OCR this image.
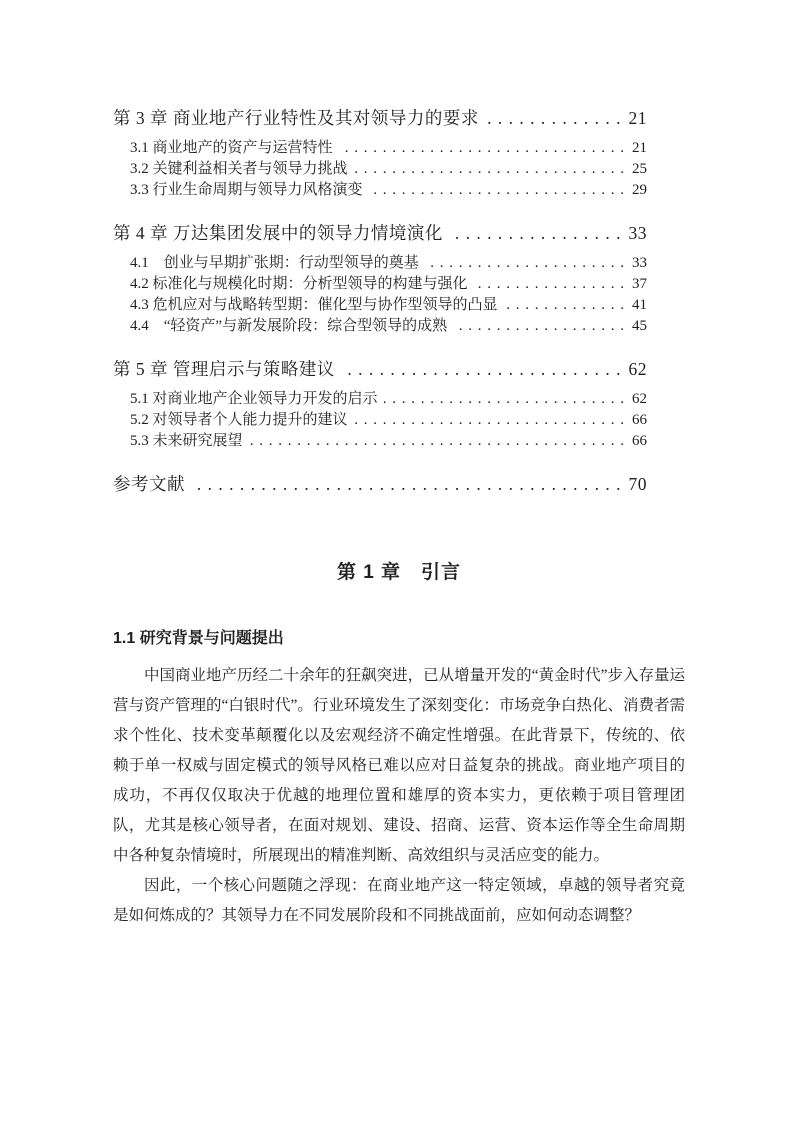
第 3 章 商业地产行业特性及其对领导力的要求 . . .	21
3.1 商业地产的资产与运营特性 . . .	21
3.2 关键利益相关者与领导力挑战 . . .	25
3.3 行业生命周期与领导力风格演变 . . .	29
第 4 章 万达集团发展中的领导力情境演化 . . .	33
4.1　创业与早期扩张期：行动型领导的奠基 . . .	33
4.2 标准化与规模化时期：分析型领导的构建与强化 . . .	37
4.3 危机应对与战略转型期：催化型与协作型领导的凸显 . . .	41
4.4　“轻资产”与新发展阶段：综合型领导的成熟 . . .	45
第 5 章 管理启示与策略建议 . . .	62
5.1 对商业地产企业领导力开发的启示 . . .	62
5.2 对领导者个人能力提升的建议 . . .	66
5.3 未来研究展望 . . .	66
参考文献 . . .	70
第 1 章　引言
1.1 研究背景与问题提出

中国商业地产历经二十余年的狂飙突进，已从增量开发的“黄金时代”步入存量运营与资产管理的“白银时代”。行业环境发生了深刻变化：市场竞争白热化、消费者需求个性化、技术变革颠覆化以及宏观经济不确定性增强。在此背景下，传统的、依赖于单一权威与固定模式的领导风格已难以应对日益复杂的挑战。商业地产项目的成功，不再仅仅取决于优越的地理位置和雄厚的资本实力，更依赖于项目管理团队，尤其是核心领导者，在面对规划、建设、招商、运营、资本运作等全生命周期中各种复杂情境时，所展现出的精准判断、高效组织与灵活应变的能力。

因此，一个核心问题随之浮现：在商业地产这一特定领域，卓越的领导者究竟是如何炼成的？其领导力在不同发展阶段和不同挑战面前，应如何动态调整？
